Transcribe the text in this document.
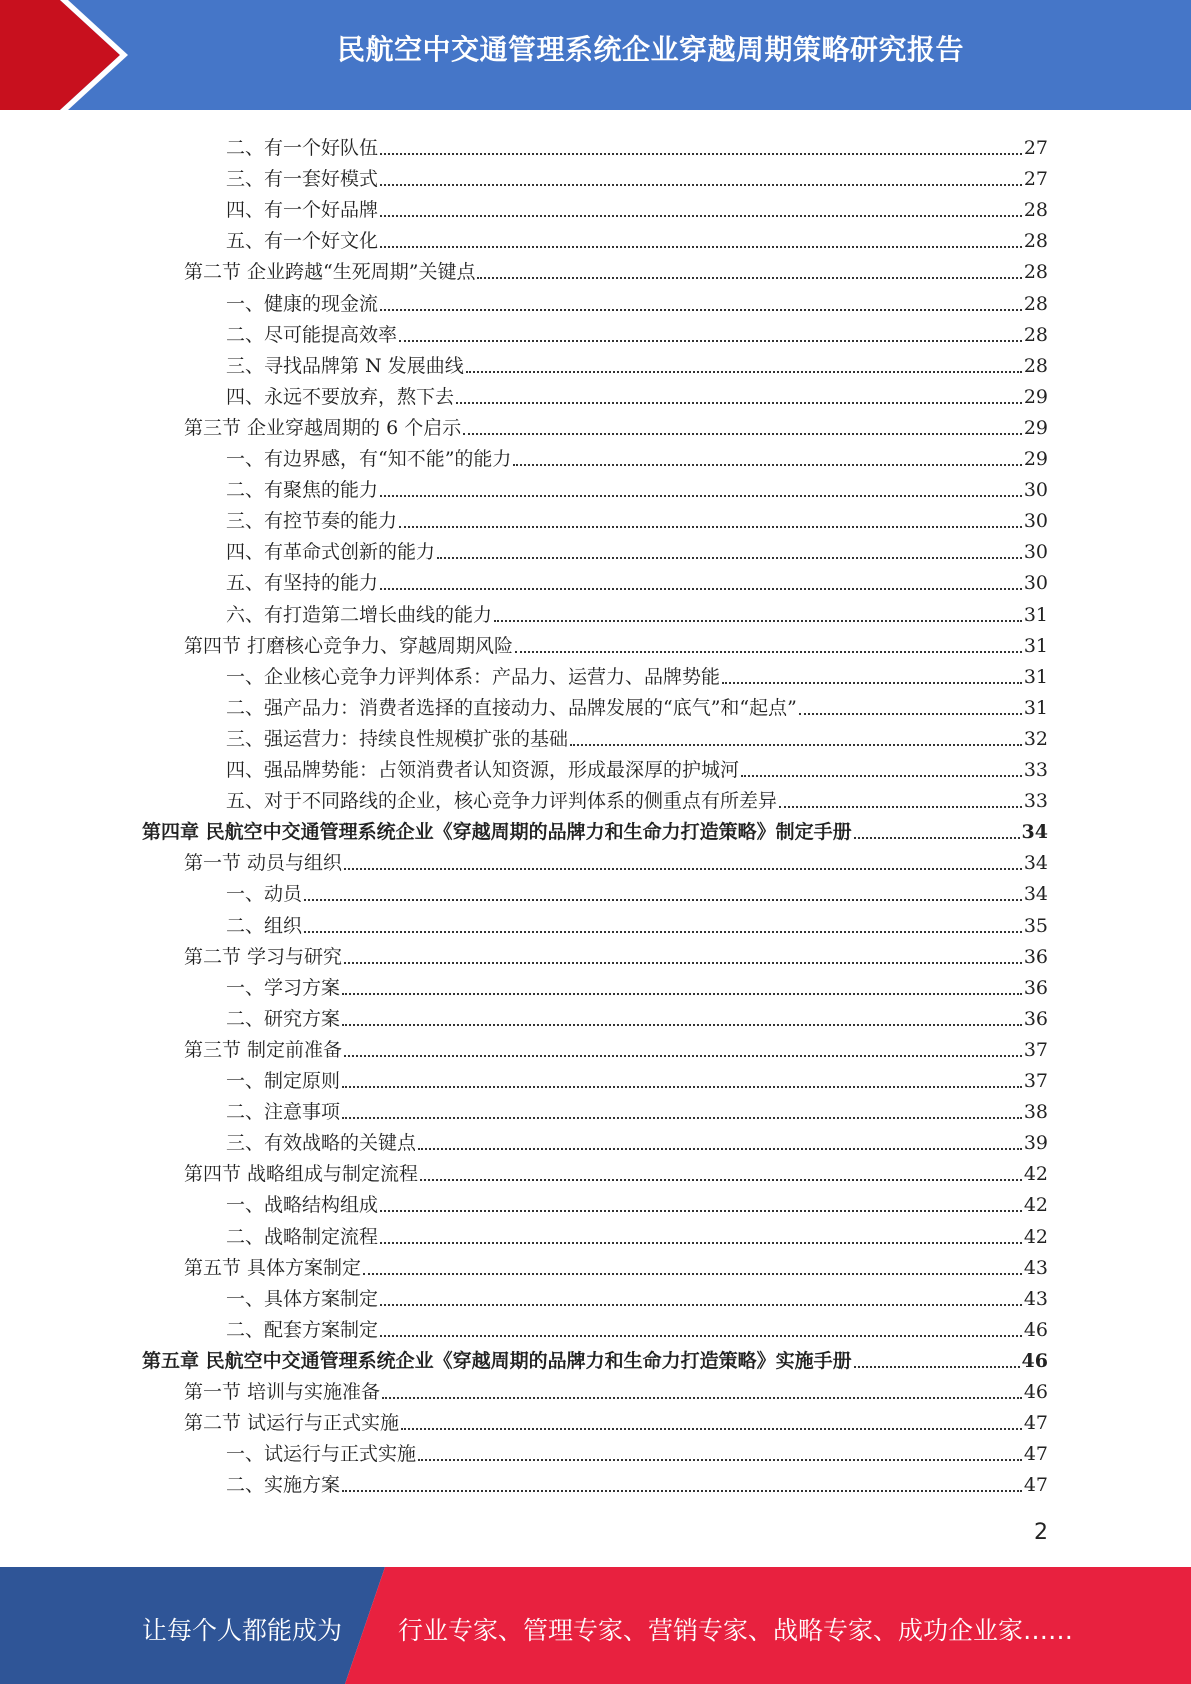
民航空中交通管理系统企业穿越周期策略研究报告
二、有一个好队伍	27
三、有一套好模式	27
四、有一个好品牌	28
五、有一个好文化	28
第二节 企业跨越“生死周期”关键点	28
一、健康的现金流	28
二、尽可能提高效率	28
三、寻找品牌第 N 发展曲线	28
四、永远不要放弃，熬下去	29
第三节 企业穿越周期的 6 个启示	29
一、有边界感，有“知不能”的能力	29
二、有聚焦的能力	30
三、有控节奏的能力	30
四、有革命式创新的能力	30
五、有坚持的能力	30
六、有打造第二增长曲线的能力	31
第四节 打磨核心竞争力、穿越周期风险	31
一、企业核心竞争力评判体系：产品力、运营力、品牌势能	31
二、强产品力：消费者选择的直接动力、品牌发展的“底气”和“起点”	31
三、强运营力：持续良性规模扩张的基础	32
四、强品牌势能：占领消费者认知资源，形成最深厚的护城河	33
五、对于不同路线的企业，核心竞争力评判体系的侧重点有所差异	33
第四章 民航空中交通管理系统企业《穿越周期的品牌力和生命力打造策略》制定手册	34
第一节 动员与组织	34
一、动员	34
二、组织	35
第二节 学习与研究	36
一、学习方案	36
二、研究方案	36
第三节 制定前准备	37
一、制定原则	37
二、注意事项	38
三、有效战略的关键点	39
第四节 战略组成与制定流程	42
一、战略结构组成	42
二、战略制定流程	42
第五节 具体方案制定	43
一、具体方案制定	43
二、配套方案制定	46
第五章 民航空中交通管理系统企业《穿越周期的品牌力和生命力打造策略》实施手册	46
第一节 培训与实施准备	46
第二节 试运行与正式实施	47
一、试运行与正式实施	47
二、实施方案	47
2
让每个人都能成为 行业专家、管理专家、营销专家、战略专家、成功企业家……
